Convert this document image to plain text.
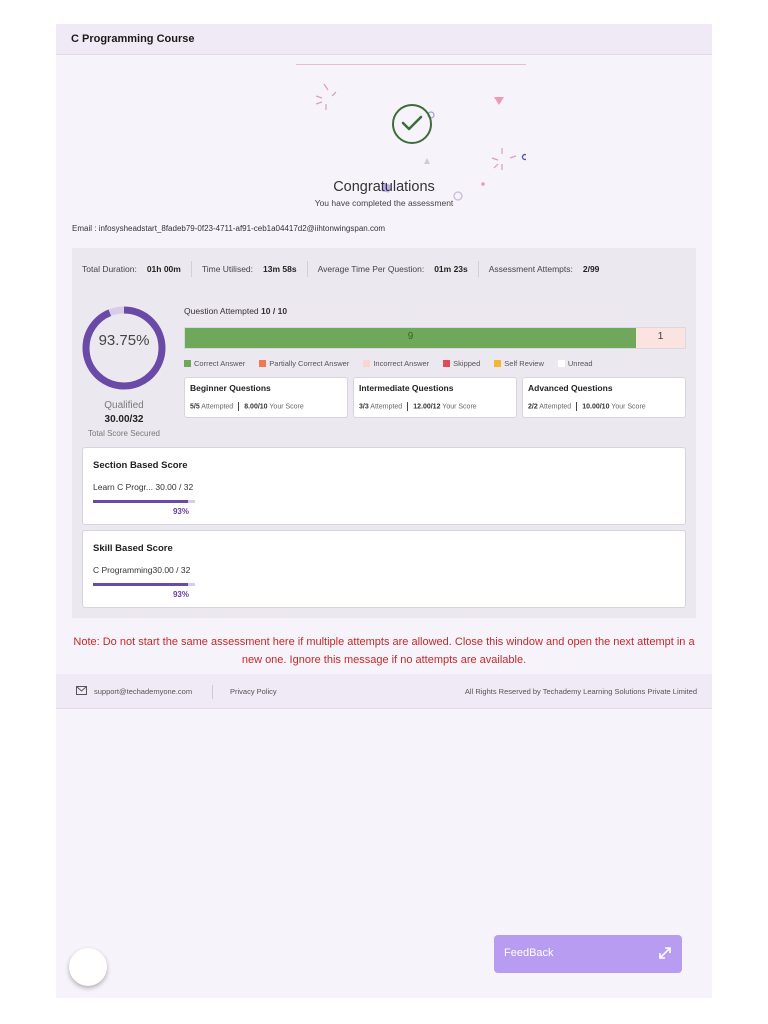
C Programming Course
Congratulations
You have completed the assessment
Email : infosysheadstart_8fadeb79-0f23-4711-af91-ceb1a04417d2@iihtonwingspan.com
Total Duration: 01h 00m Time Utilised: 13m 58s Average Time Per Question: 01m 23s Assessment Attempts: 2/99
93.75%
Qualified
30.00/32
Total Score Secured
Question Attempted 10 / 10
9	1
Correct Answer	Partially Correct Answer	Incorrect Answer	Skipped	Self Review	Unread
Beginner Questions
5/5 Attempted 8.00/10 Your Score
Intermediate Questions
3/3 Attempted 12.00/12 Your Score
Advanced Questions
2/2 Attempted 10.00/10 Your Score
Section Based Score
Learn C Progr... 30.00 / 32
93%
Skill Based Score
C Programming30.00 / 32
93%
Note: Do not start the same assessment here if multiple attempts are allowed. Close this window and open the next attempt in a new one. Ignore this message if no attempts are available.
support@techademyone.com	Privacy Policy	All Rights Reserved by Techademy Learning Solutions Private Limited
FeedBack
